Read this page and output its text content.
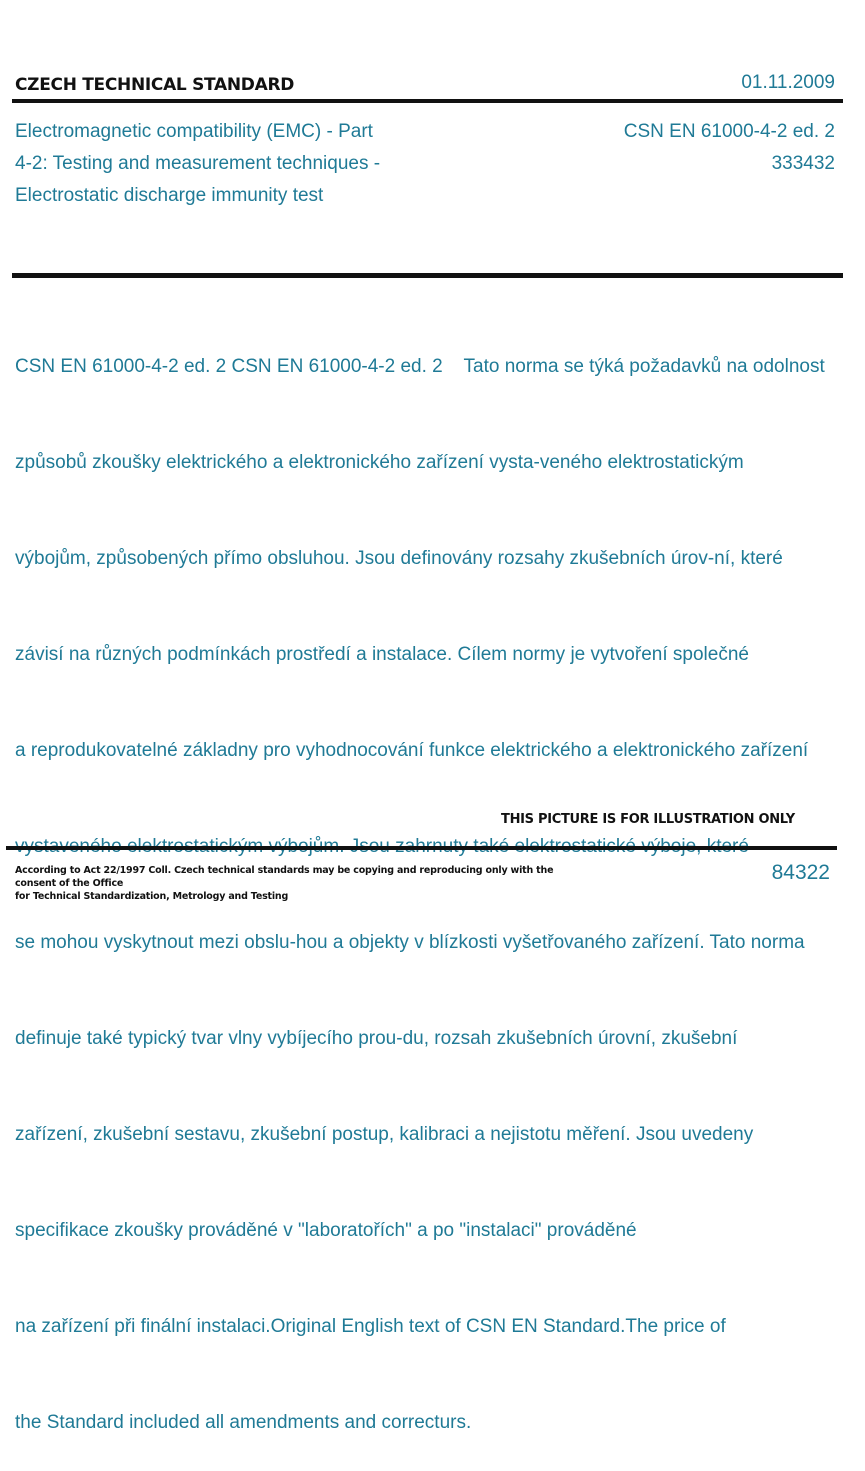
CZECH TECHNICAL STANDARD	01.11.2009
Electromagnetic compatibility (EMC) - Part
4-2: Testing and measurement techniques -
Electrostatic discharge immunity test
CSN EN 61000-4-2 ed. 2
333432

CSN EN 61000-4-2 ed. 2 CSN EN 61000-4-2 ed. 2    Tato norma se týká požadavků na odolnost

způsobů zkoušky elektrického a elektronického zařízení vysta-veného elektrostatickým

výbojům, způsobených přímo obsluhou. Jsou definovány rozsahy zkušebních úrov-ní, které

závisí na různých podmínkách prostředí a instalace. Cílem normy je vytvoření společné

a reprodukovatelné základny pro vyhodnocování funkce elektrického a elektronického zařízení

se mohou vyskytnout mezi obslu-hou a objekty v blízkosti vyšetřovaného zařízení. Tato norma

definuje také typický tvar vlny vybíjecího prou-du, rozsah zkušebních úrovní, zkušební

zařízení, zkušební sestavu, zkušební postup, kalibraci a nejistotu měření. Jsou uvedeny

specifikace zkoušky prováděné v "laboratořích" a po "instalaci" prováděné

na zařízení při finální instalaci.Original English text of CSN EN Standard.The price of

the Standard included all amendments and correcturs.

THIS PICTURE IS FOR ILLUSTRATION ONLY
According to Act 22/1997 Coll. Czech technical standards may be copying and reproducing only with the consent of the Office
for Technical Standardization, Metrology and Testing
84322
